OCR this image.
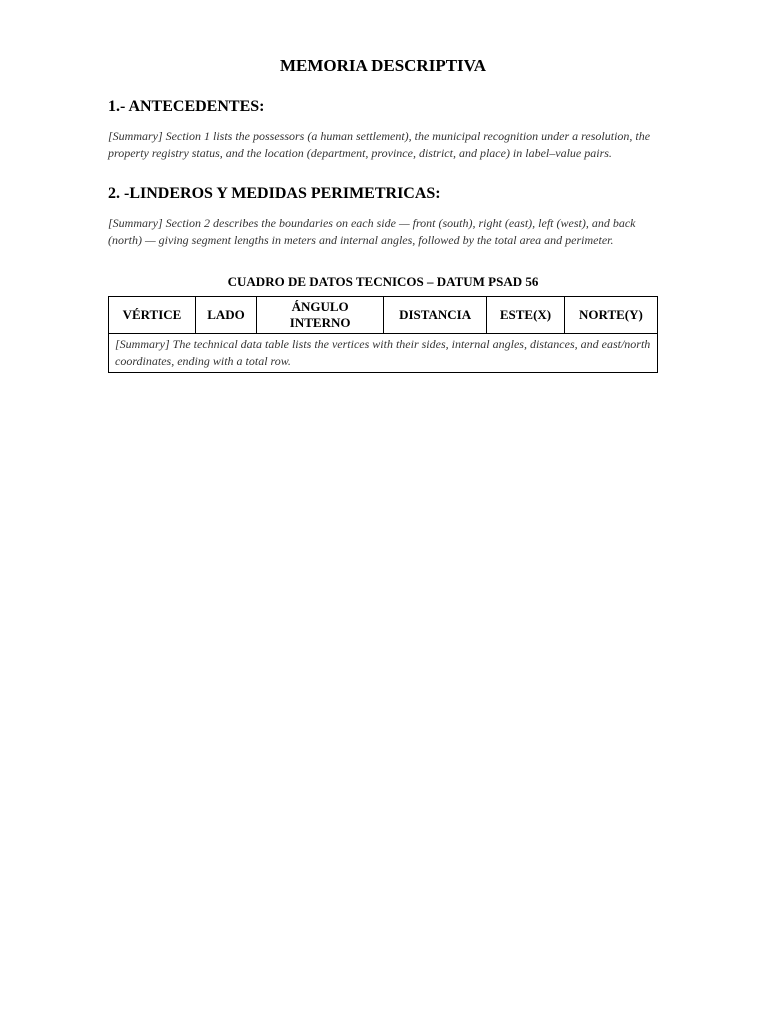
MEMORIA DESCRIPTIVA
1.- ANTECEDENTES:

[Summary] Section 1 lists the possessors (a human settlement), the municipal recognition under a resolution, the property registry status, and the location (department, province, district, and place) in label–value pairs.

2. -LINDEROS Y MEDIDAS PERIMETRICAS:

[Summary] Section 2 describes the boundaries on each side — front (south), right (east), left (west), and back (north) — giving segment lengths in meters and internal angles, followed by the total area and perimeter.

CUADRO DE DATOS TECNICOS – DATUM PSAD 56
VÉRTICE	LADO	ÁNGULO INTERNO	DISTANCIA	ESTE(X)	NORTE(Y)
[Summary] The technical data table lists the vertices with their sides, internal angles, distances, and east/north coordinates, ending with a total row.
